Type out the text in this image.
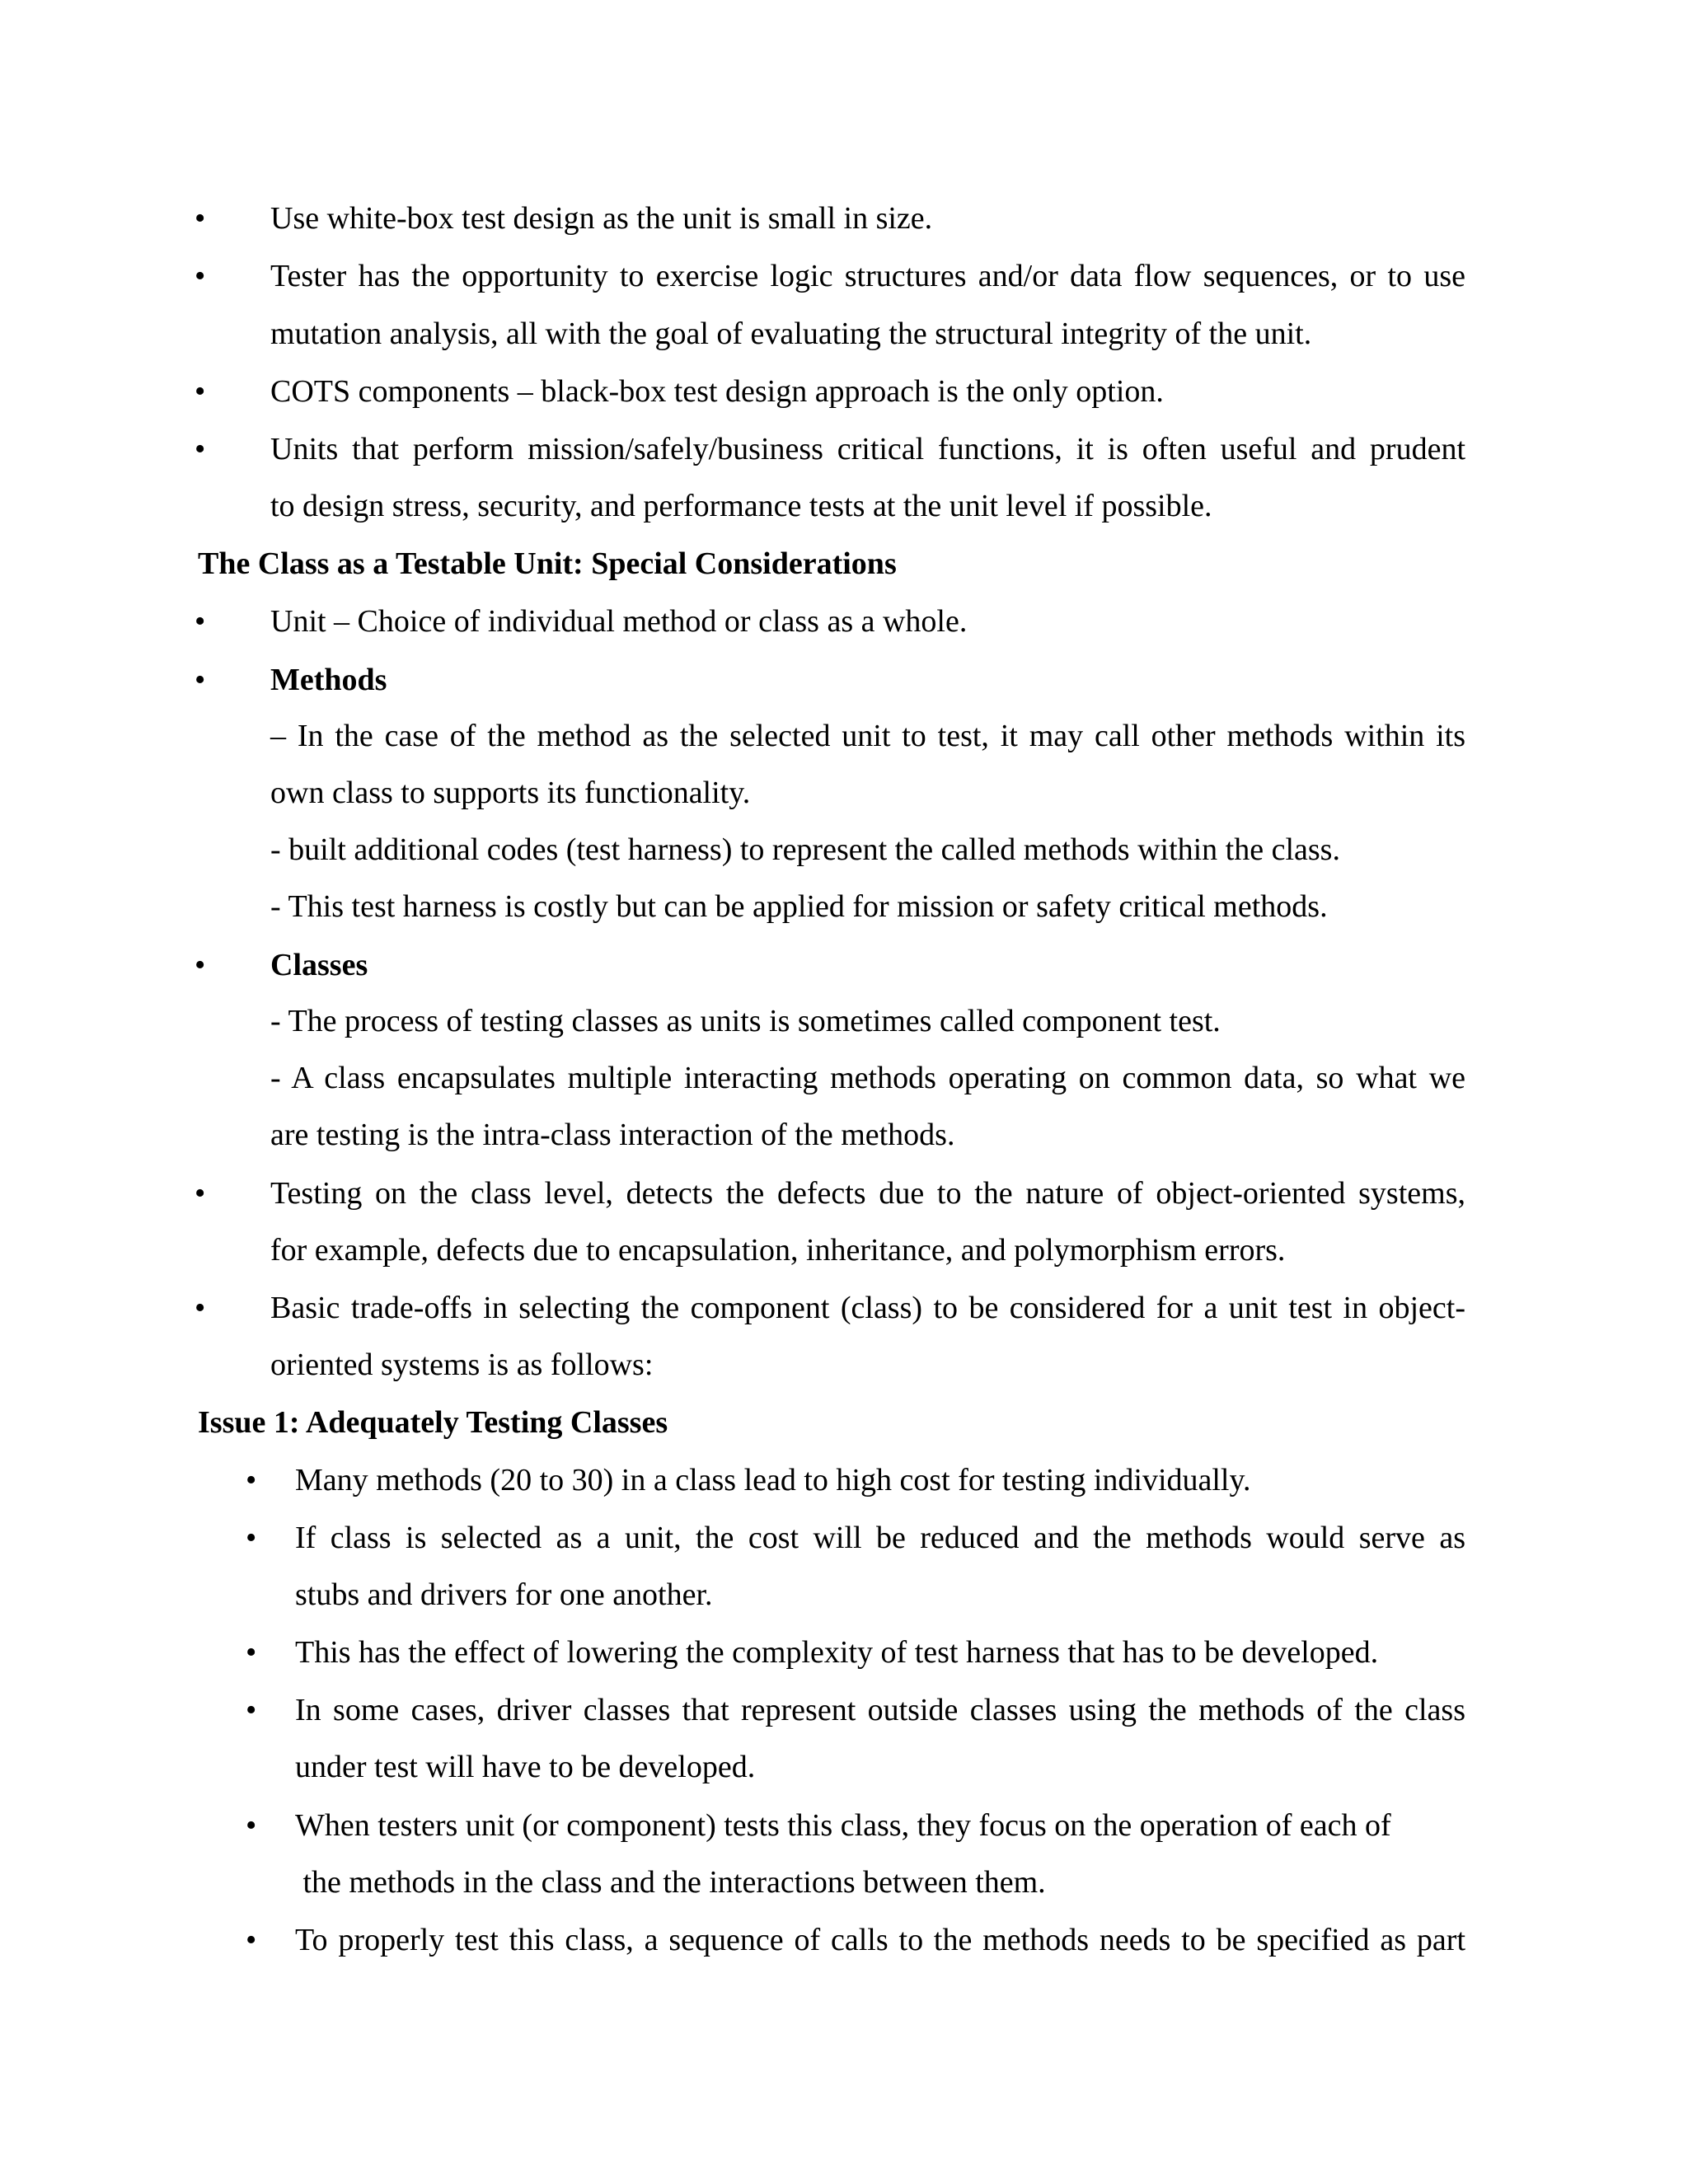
• Use white-box test design as the unit is small in size.
• Tester has the opportunity to exercise logic structures and/or data flow sequences, or to use
mutation analysis, all with the goal of evaluating the structural integrity of the unit.
• COTS components – black-box test design approach is the only option.
• Units that perform mission/safely/business critical functions, it is often useful and prudent
to design stress, security, and performance tests at the unit level if possible.
The Class as a Testable Unit: Special Considerations
• Unit – Choice of individual method or class as a whole.
• Methods
– In the case of the method as the selected unit to test, it may call other methods within its
own class to supports its functionality.
- built additional codes (test harness) to represent the called methods within the class.
- This test harness is costly but can be applied for mission or safety critical methods.
• Classes
- The process of testing classes as units is sometimes called component test.
- A class encapsulates multiple interacting methods operating on common data, so what we
are testing is the intra-class interaction of the methods.
• Testing on the class level, detects the defects due to the nature of object-oriented systems,
for example, defects due to encapsulation, inheritance, and polymorphism errors.
• Basic trade-offs in selecting the component (class) to be considered for a unit test in object-
oriented systems is as follows:
Issue 1: Adequately Testing Classes
• Many methods (20 to 30) in a class lead to high cost for testing individually.
• If class is selected as a unit, the cost will be reduced and the methods would serve as
stubs and drivers for one another.
• This has the effect of lowering the complexity of test harness that has to be developed.
• In some cases, driver classes that represent outside classes using the methods of the class
under test will have to be developed.
• When testers unit (or component) tests this class, they focus on the operation of each of
the methods in the class and the interactions between them.
• To properly test this class, a sequence of calls to the methods needs to be specified as part
